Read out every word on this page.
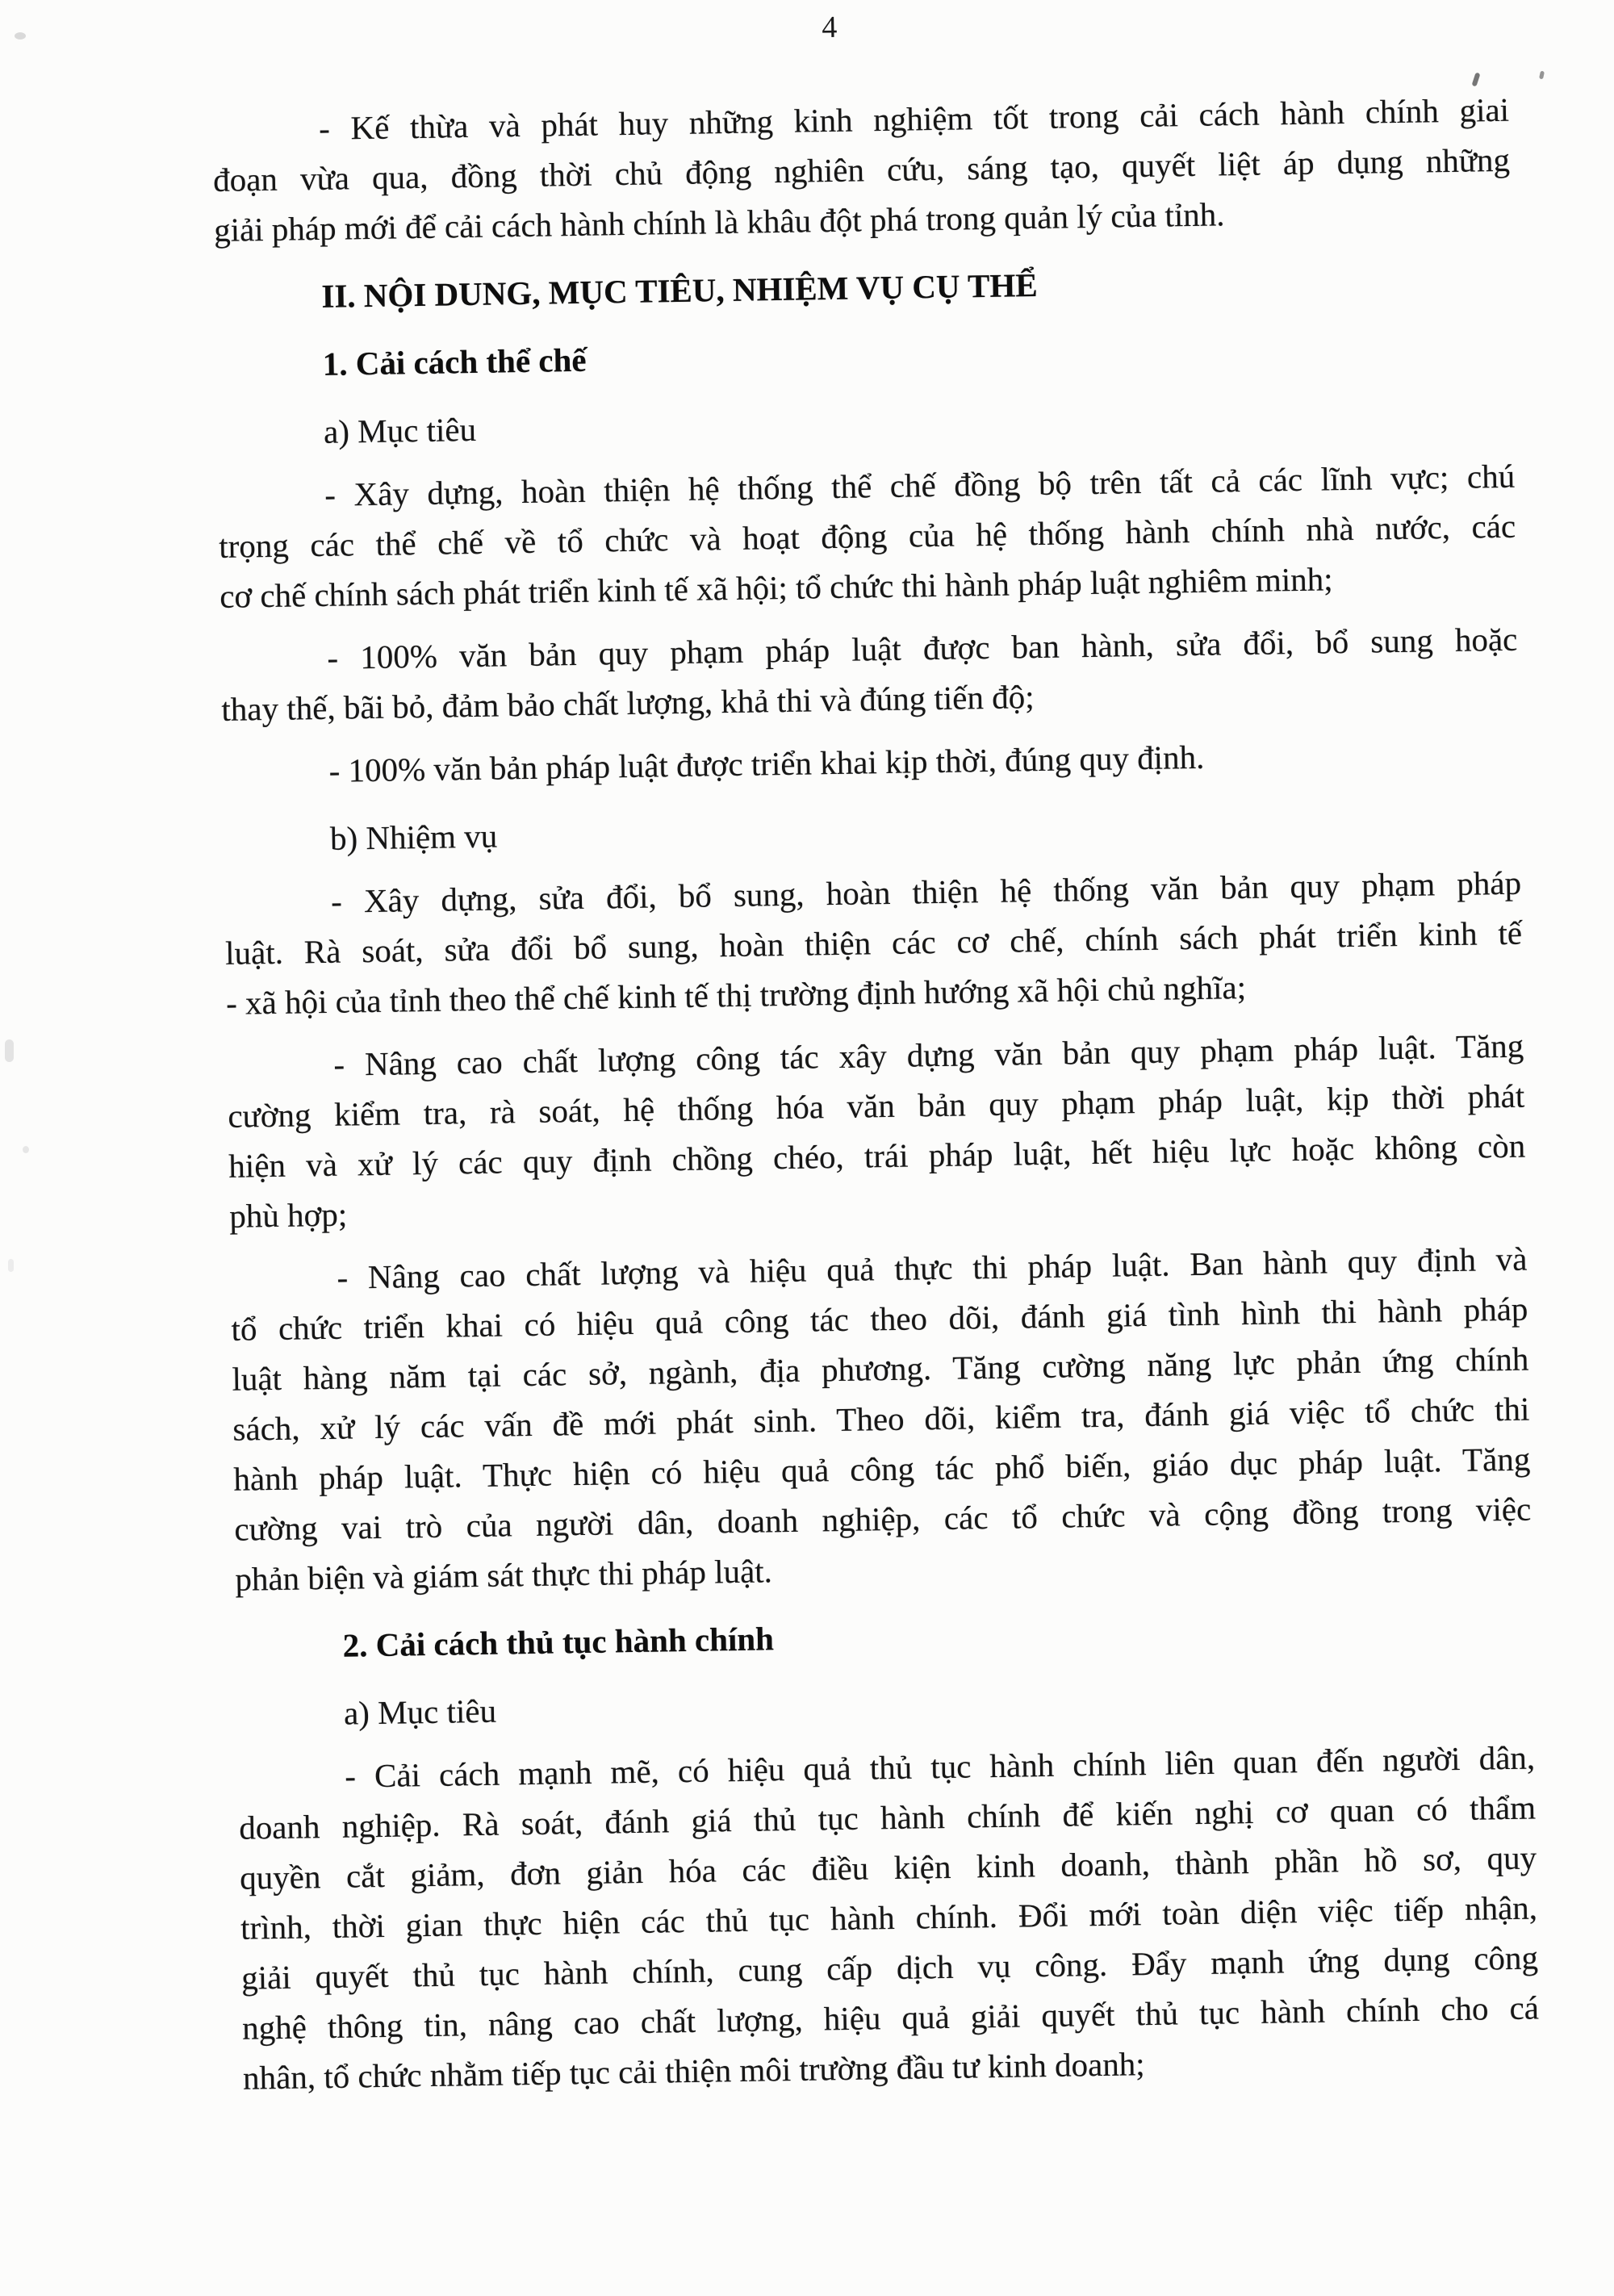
4
- Kế thừa và phát huy những kinh nghiệm tốt trong cải cách hành chính giai
đoạn vừa qua, đồng thời chủ động nghiên cứu, sáng tạo, quyết liệt áp dụng những
giải pháp mới để cải cách hành chính là khâu đột phá trong quản lý của tỉnh.
II. NỘI DUNG, MỤC TIÊU, NHIỆM VỤ CỤ THỂ
1. Cải cách thể chế
a) Mục tiêu
- Xây dựng, hoàn thiện hệ thống thể chế đồng bộ trên tất cả các lĩnh vực; chú
trọng các thể chế về tổ chức và hoạt động của hệ thống hành chính nhà nước, các
cơ chế chính sách phát triển kinh tế xã hội; tổ chức thi hành pháp luật nghiêm minh;
- 100% văn bản quy phạm pháp luật được ban hành, sửa đổi, bổ sung hoặc
thay thế, bãi bỏ, đảm bảo chất lượng, khả thi và đúng tiến độ;
- 100% văn bản pháp luật được triển khai kịp thời, đúng quy định.
b) Nhiệm vụ
- Xây dựng, sửa đổi, bổ sung, hoàn thiện hệ thống văn bản quy phạm pháp
luật. Rà soát, sửa đổi bổ sung, hoàn thiện các cơ chế, chính sách phát triển kinh tế
- xã hội của tỉnh theo thể chế kinh tế thị trường định hướng xã hội chủ nghĩa;
- Nâng cao chất lượng công tác xây dựng văn bản quy phạm pháp luật. Tăng
cường kiểm tra, rà soát, hệ thống hóa văn bản quy phạm pháp luật, kịp thời phát
hiện và xử lý các quy định chồng chéo, trái pháp luật, hết hiệu lực hoặc không còn
phù hợp;
- Nâng cao chất lượng và hiệu quả thực thi pháp luật. Ban hành quy định và
tổ chức triển khai có hiệu quả công tác theo dõi, đánh giá tình hình thi hành pháp
luật hàng năm tại các sở, ngành, địa phương. Tăng cường năng lực phản ứng chính
sách, xử lý các vấn đề mới phát sinh. Theo dõi, kiểm tra, đánh giá việc tổ chức thi
hành pháp luật. Thực hiện có hiệu quả công tác phổ biến, giáo dục pháp luật. Tăng
cường vai trò của người dân, doanh nghiệp, các tổ chức và cộng đồng trong việc
phản biện và giám sát thực thi pháp luật.
2. Cải cách thủ tục hành chính
a) Mục tiêu
- Cải cách mạnh mẽ, có hiệu quả thủ tục hành chính liên quan đến người dân,
doanh nghiệp. Rà soát, đánh giá thủ tục hành chính để kiến nghị cơ quan có thẩm
quyền cắt giảm, đơn giản hóa các điều kiện kinh doanh, thành phần hồ sơ, quy
trình, thời gian thực hiện các thủ tục hành chính. Đổi mới toàn diện việc tiếp nhận,
giải quyết thủ tục hành chính, cung cấp dịch vụ công. Đẩy mạnh ứng dụng công
nghệ thông tin, nâng cao chất lượng, hiệu quả giải quyết thủ tục hành chính cho cá
nhân, tổ chức nhằm tiếp tục cải thiện môi trường đầu tư kinh doanh;
